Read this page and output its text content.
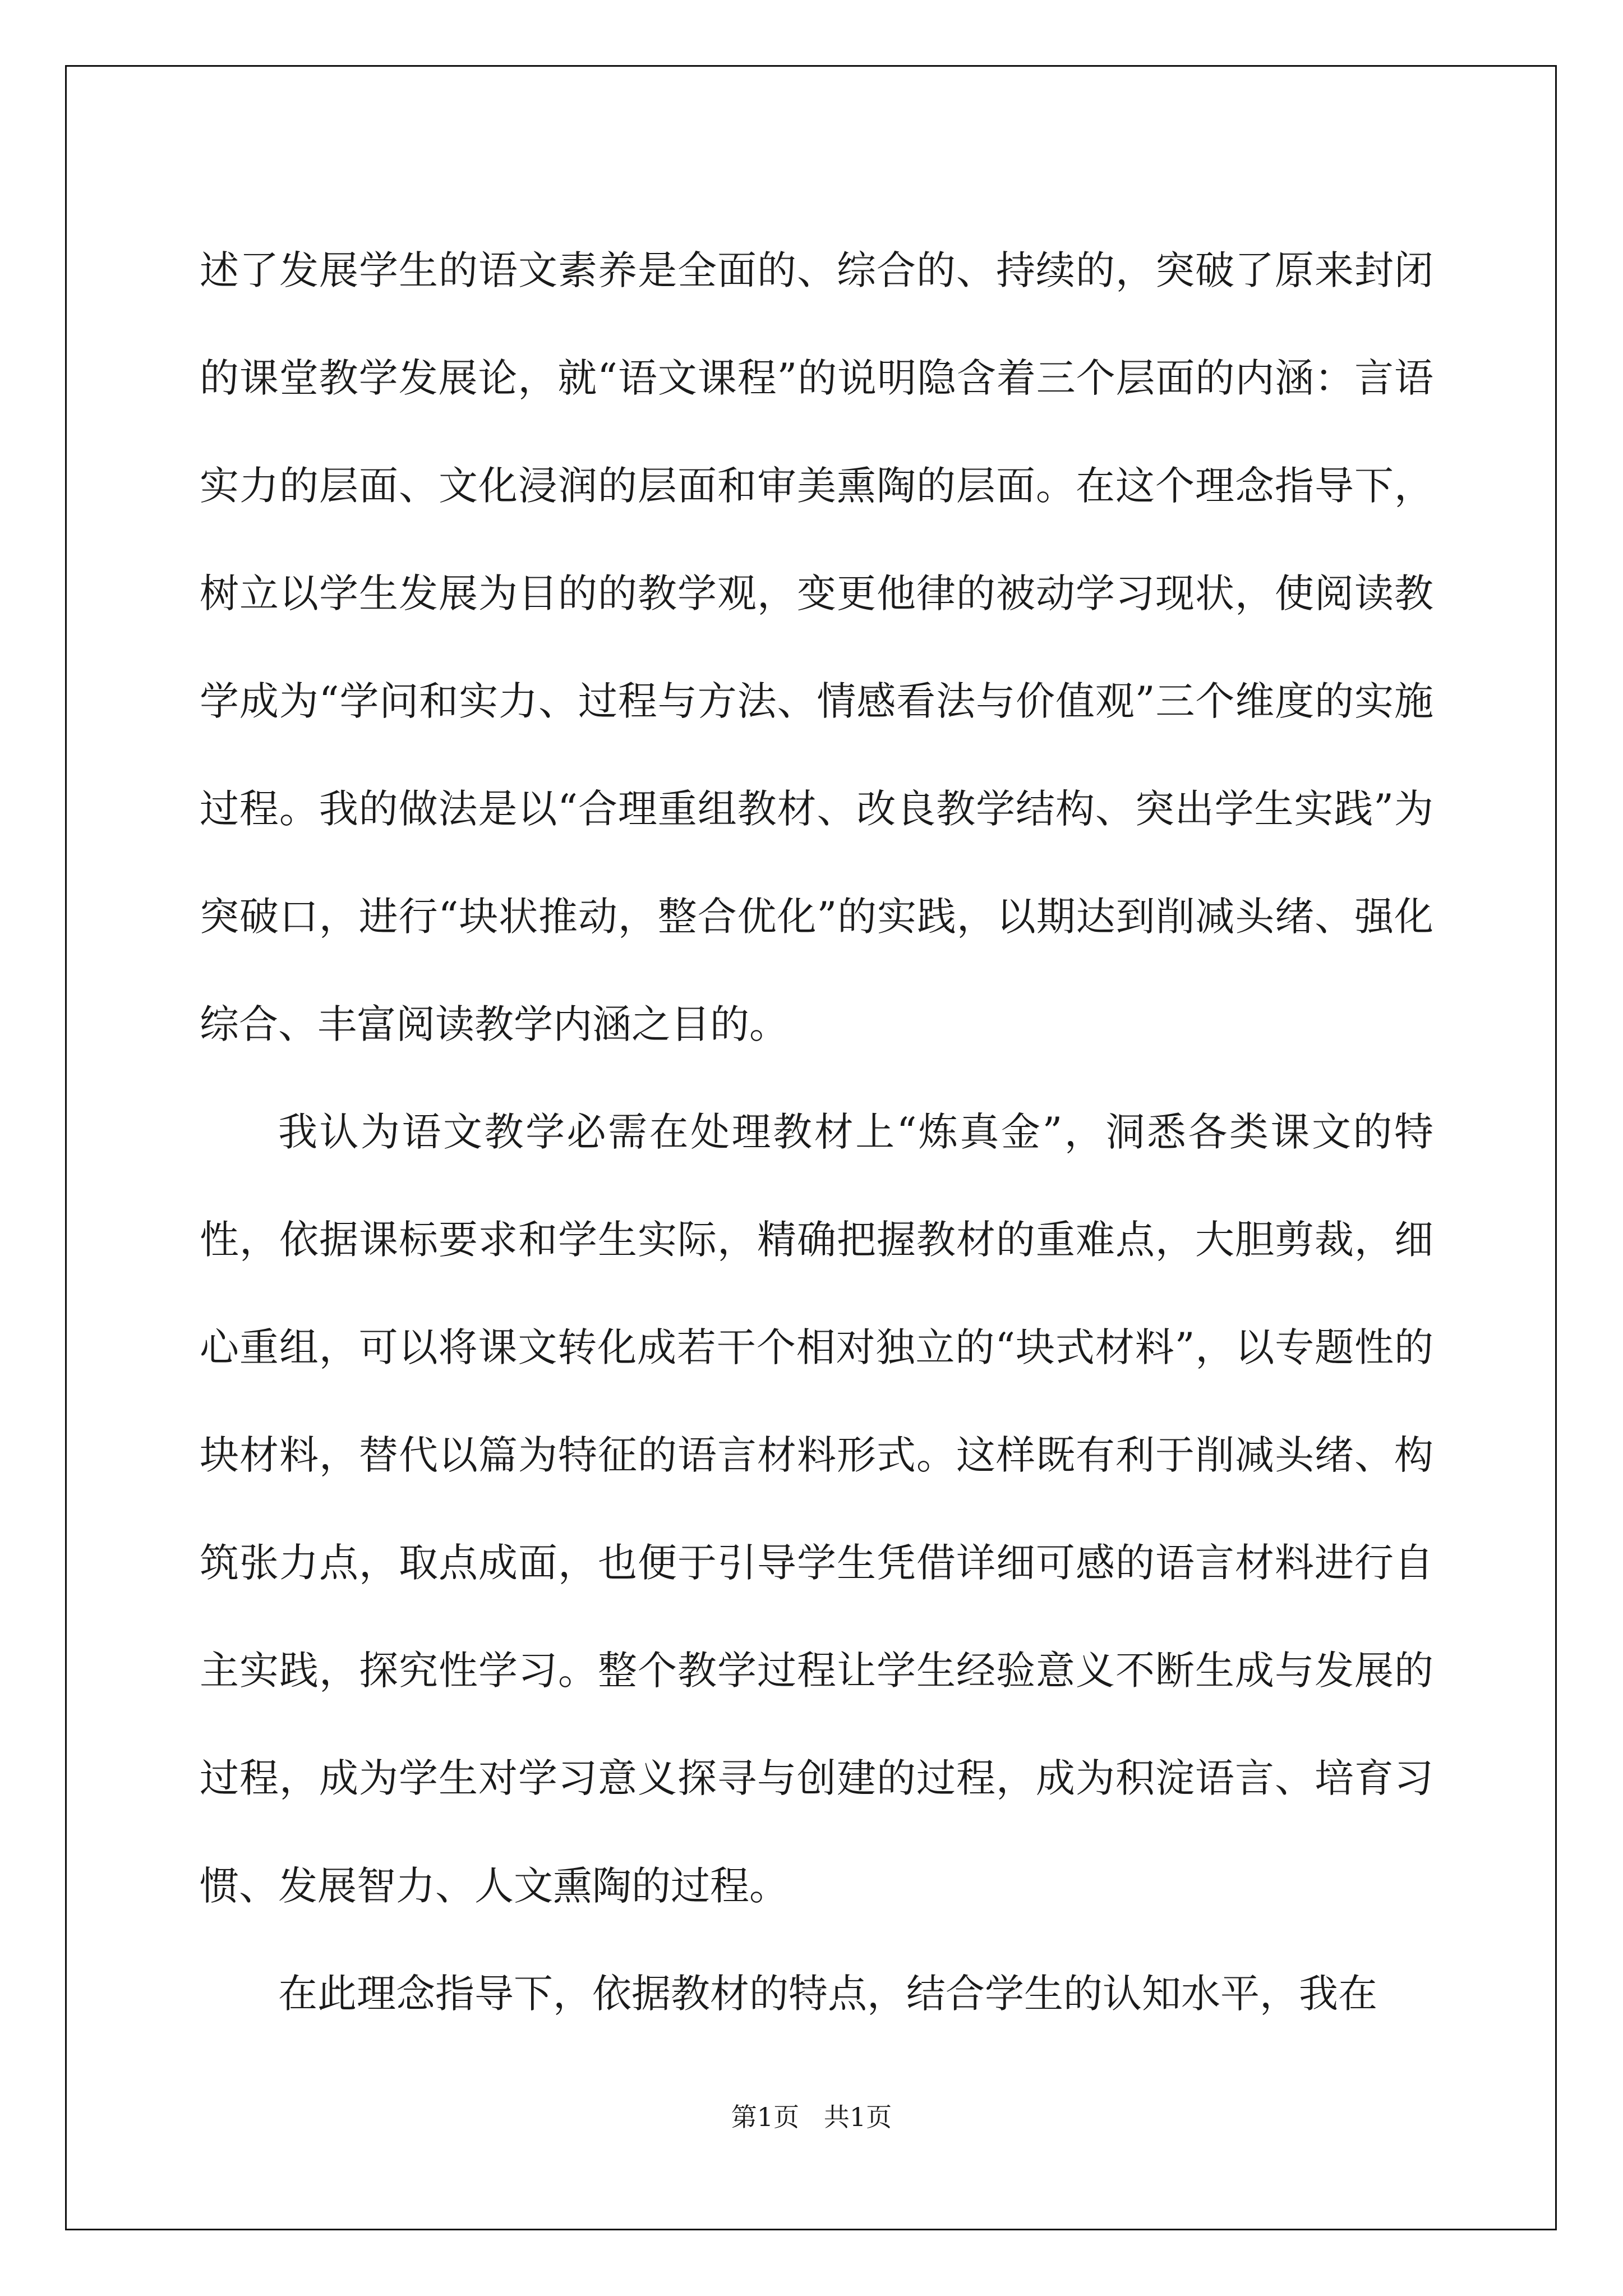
述了发展学生的语文素养是全面的、综合的、持续的，突破了原来封闭的课堂教学发展论，就“语文课程”的说明隐含着三个层面的内涵：言语实力的层面、文化浸润的层面和审美熏陶的层面。在这个理念指导下，树立以学生发展为目的的教学观，变更他律的被动学习现状，使阅读教学成为“学问和实力、过程与方法、情感看法与价值观”三个维度的实施过程。我的做法是以“合理重组教材、改良教学结构、突出学生实践”为突破口，进行“块状推动，整合优化”的实践，以期达到削减头绪、强化综合、丰富阅读教学内涵之目的。

我认为语文教学必需在处理教材上“炼真金”，洞悉各类课文的特性，依据课标要求和学生实际，精确把握教材的重难点，大胆剪裁，细心重组，可以将课文转化成若干个相对独立的“块式材料”，以专题性的块材料，替代以篇为特征的语言材料形式。这样既有利于削减头绪、构筑张力点，取点成面，也便于引导学生凭借详细可感的语言材料进行自主实践，探究性学习。整个教学过程让学生经验意义不断生成与发展的过程，成为学生对学习意义探寻与创建的过程，成为积淀语言、培育习惯、发展智力、人文熏陶的过程。

在此理念指导下，依据教材的特点，结合学生的认知水平，我在

第1页   共1页
